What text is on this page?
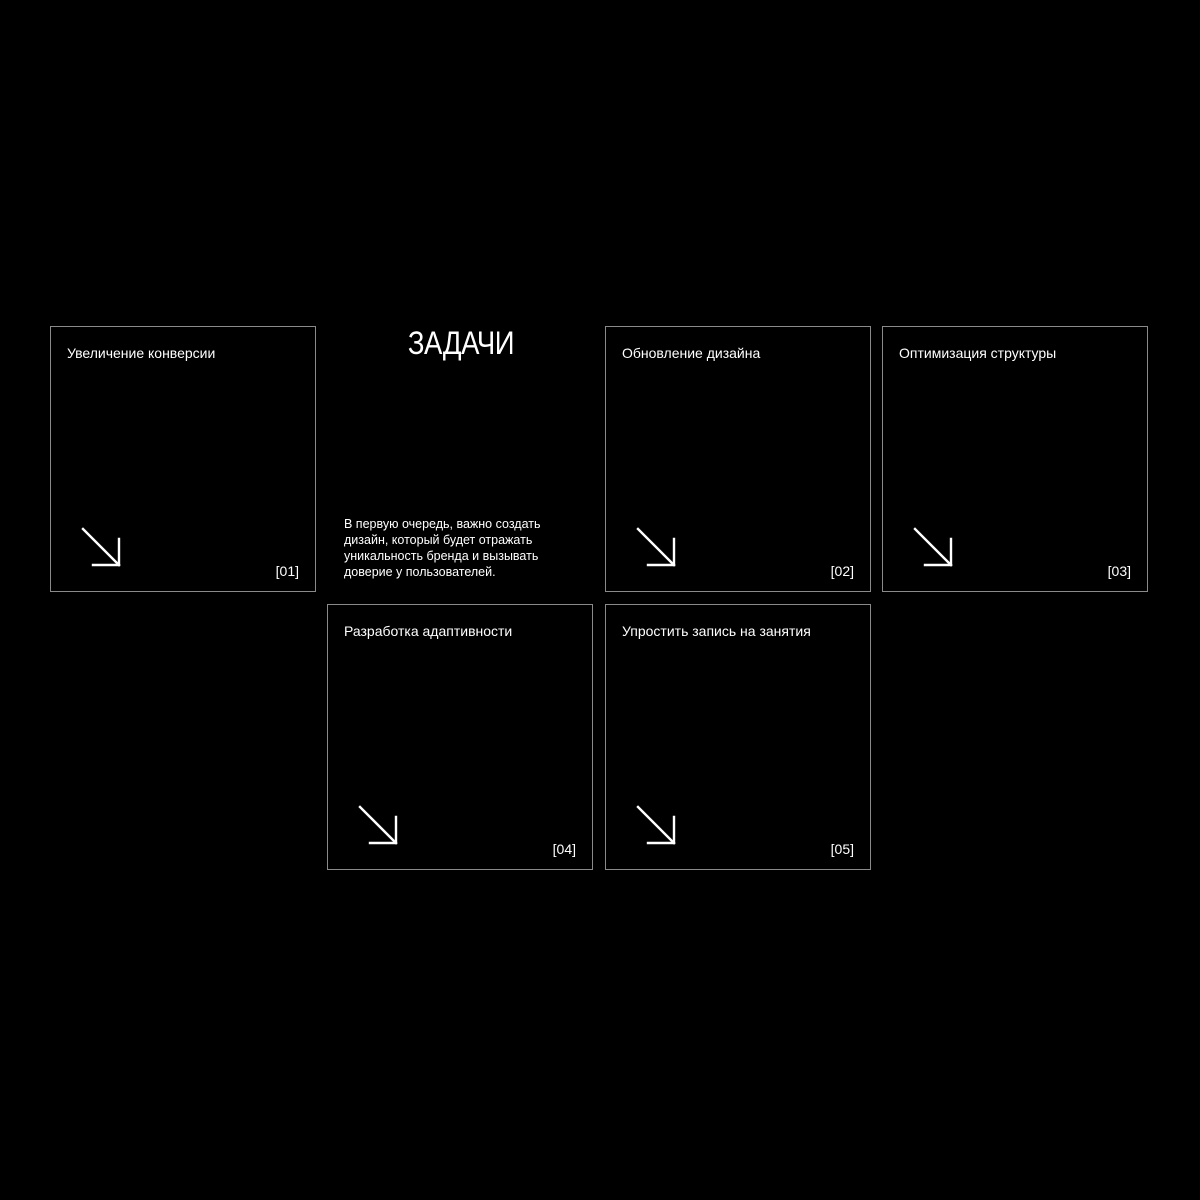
Увеличение конверсии
[01]
ЗАДАЧИ

В первую очередь, важно создать дизайн, который будет отражать уникальность бренда и вызывать доверие у пользователей.

Обновление дизайна
[02]
Оптимизация структуры
[03]
Разработка адаптивности
[04]
Упростить запись на занятия
[05]
